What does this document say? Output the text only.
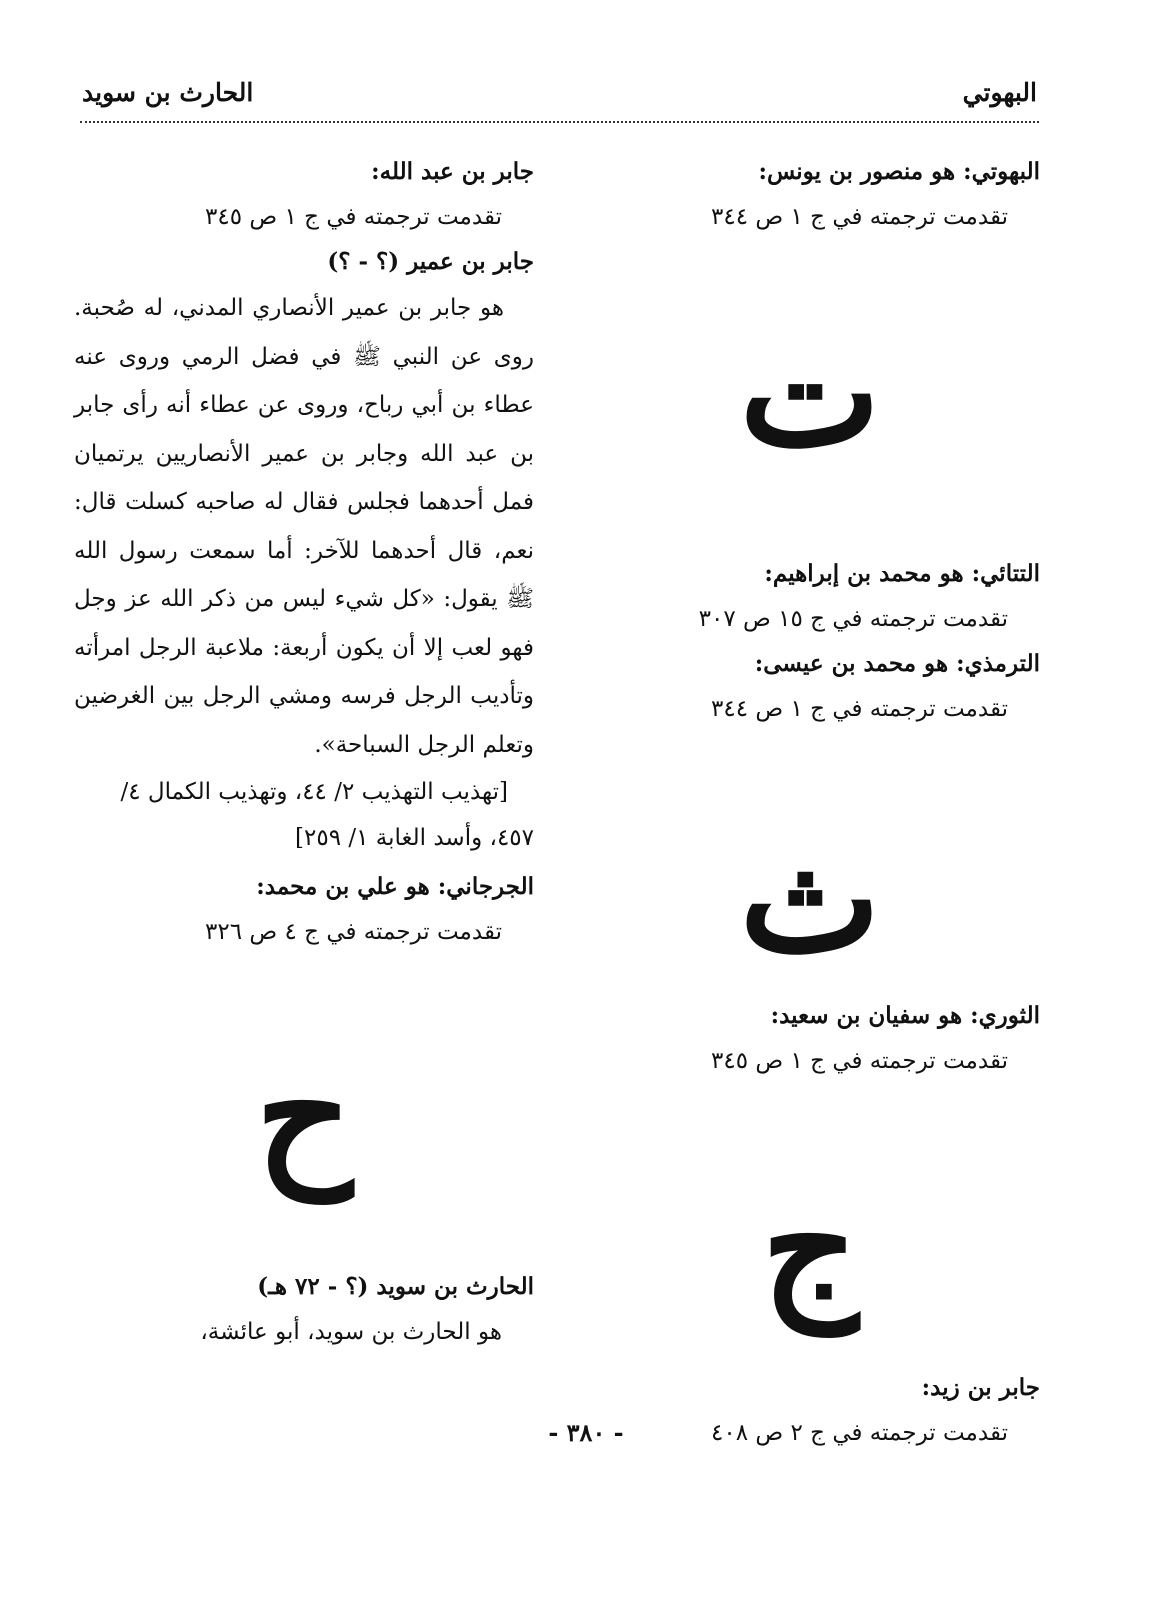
البهوتي
الحارث بن سويد
البهوتي: هو منصور بن يونس:
تقدمت ترجمته في ج ١ ص ٣٤٤
ت
التتائي: هو محمد بن إبراهيم:
تقدمت ترجمته في ج ١٥ ص ٣٠٧
الترمذي: هو محمد بن عيسى:
تقدمت ترجمته في ج ١ ص ٣٤٤
ث
الثوري: هو سفيان بن سعيد:
تقدمت ترجمته في ج ١ ص ٣٤٥
ج
جابر بن زيد:
تقدمت ترجمته في ج ٢ ص ٤٠٨
جابر بن عبد الله:
تقدمت ترجمته في ج ١ ص ٣٤٥
جابر بن عمير (؟ - ؟)
هو جابر بن عمير الأنصاري المدني، له صُحبة. روى عن النبي ﷺ في فضل الرمي وروى عنه عطاء بن أبي رباح، وروى عن عطاء أنه رأى جابر بن عبد الله وجابر بن عمير الأنصاريين يرتميان فمل أحدهما فجلس فقال له صاحبه كسلت قال: نعم، قال أحدهما للآخر: أما سمعت رسول الله ﷺ يقول: «كل شيء ليس من ذكر الله عز وجل فهو لعب إلا أن يكون أربعة: ملاعبة الرجل امرأته وتأديب الرجل فرسه ومشي الرجل بين الغرضين وتعلم الرجل السباحة».
[تهذيب التهذيب ٢/ ٤٤، وتهذيب الكمال ٤/ ٤٥٧، وأسد الغابة ١/ ٢٥٩]
الجرجاني: هو علي بن محمد:
تقدمت ترجمته في ج ٤ ص ٣٢٦
ح
الحارث بن سويد (؟ - ٧٢ هـ)
هو الحارث بن سويد، أبو عائشة،
- ٣٨٠ -
